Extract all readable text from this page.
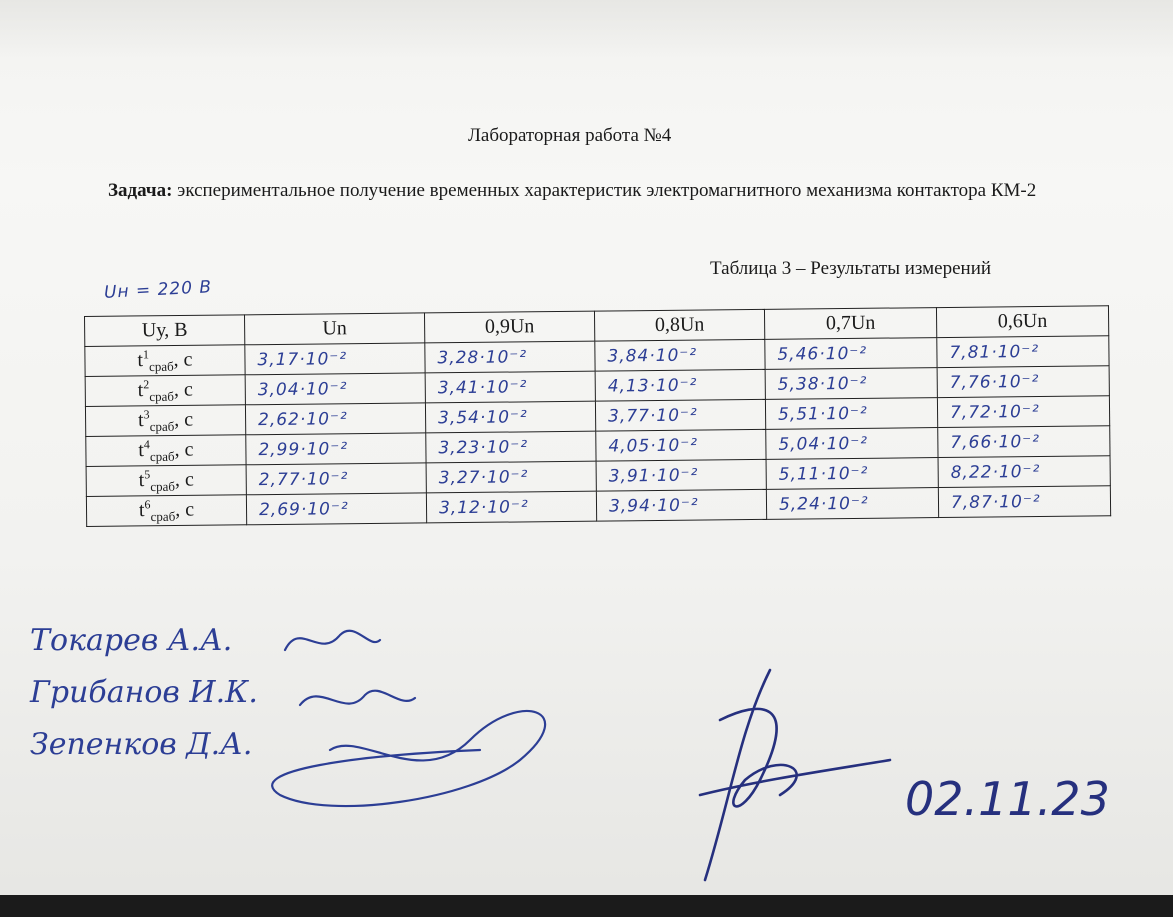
Лабораторная работа №4
Задача: экспериментальное получение временных характеристик электромагнитного механизма контактора КМ-2
Uн = 220 В
Таблица 3 – Результаты измерений
Uу, В	Un	0,9Un	0,8Un	0,7Un	0,6Un
$t^1_{сраб}$, c	3,17·10⁻²	3,28·10⁻²	3,84·10⁻²	5,46·10⁻²	7,81·10⁻²
$t^2_{сраб}$, c	3,04·10⁻²	3,41·10⁻²	4,13·10⁻²	5,38·10⁻²	7,76·10⁻²
$t^3_{сраб}$, c	2,62·10⁻²	3,54·10⁻²	3,77·10⁻²	5,51·10⁻²	7,72·10⁻²
$t^4_{сраб}$, c	2,99·10⁻²	3,23·10⁻²	4,05·10⁻²	5,04·10⁻²	7,66·10⁻²
$t^5_{сраб}$, c	2,77·10⁻²	3,27·10⁻²	3,91·10⁻²	5,11·10⁻²	8,22·10⁻²
$t^6_{сраб}$, c	2,69·10⁻²	3,12·10⁻²	3,94·10⁻²	5,24·10⁻²	7,87·10⁻²
Токарев А.А.
Грибанов И.К.
Зепенков Д.А.
02.11.23
